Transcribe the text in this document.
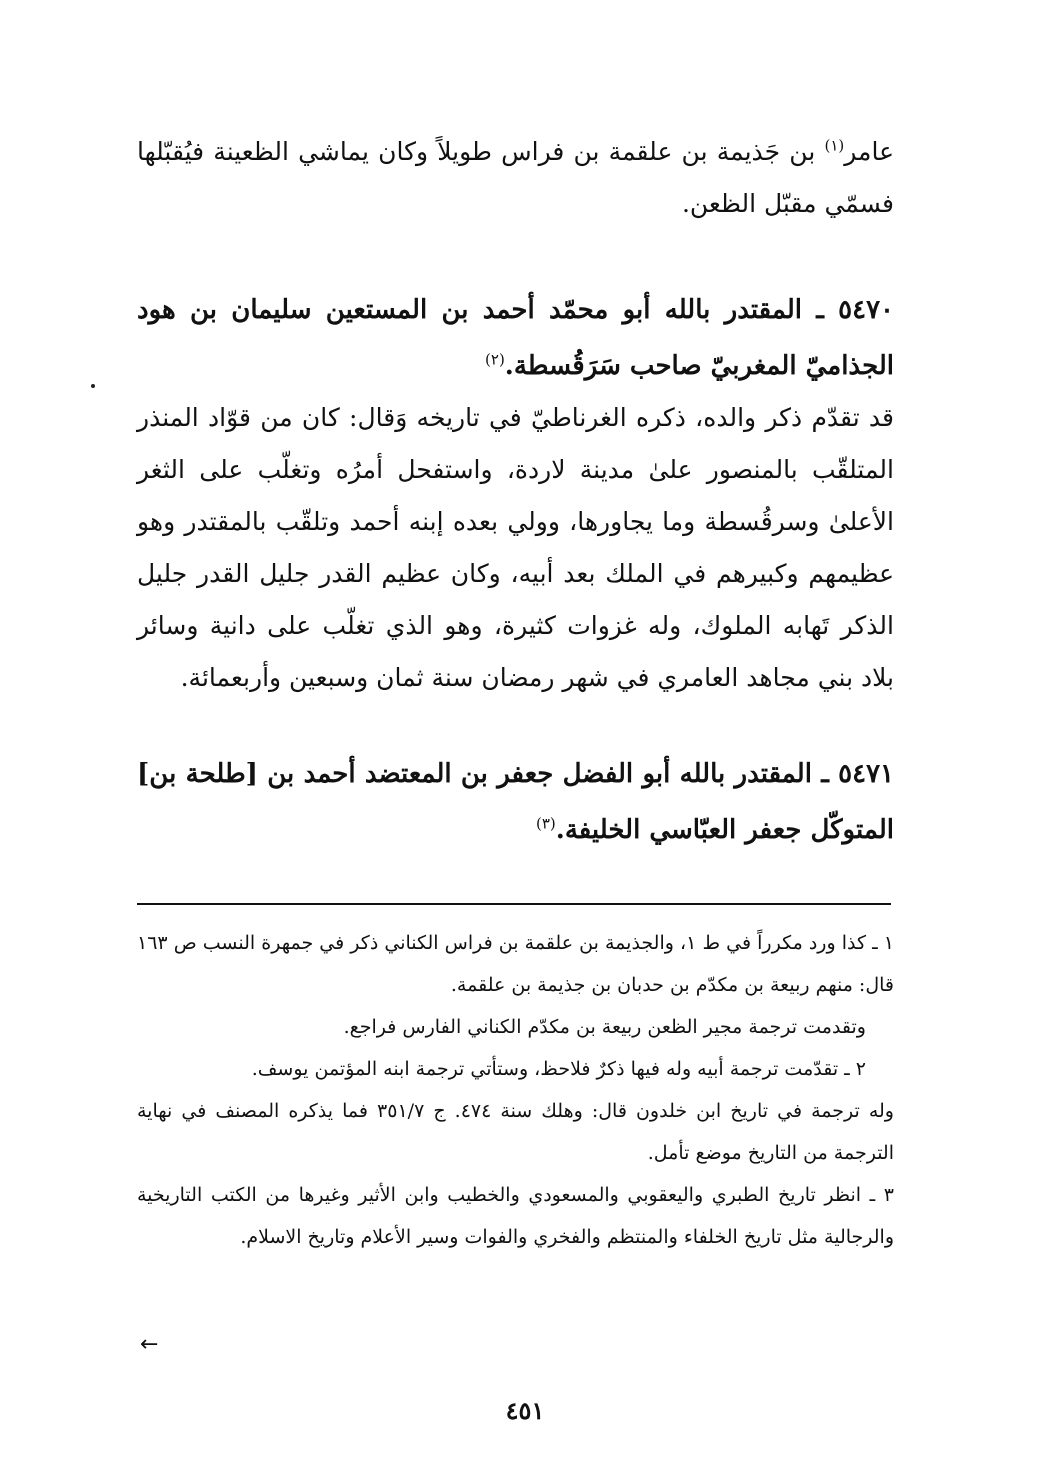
عامر$^{(١)}$ بن جَذيمة بن علقمة بن فراس طويلاً وكان يماشي الظعينة فيُقبّلها فسمّي مقبّل الظعن.
٥٤٧٠ ـ المقتدر بالله أبو محمّد أحمد بن المستعين سليمان بن هود الجذاميّ المغربيّ صاحب سَرَقُسطة.$^{(٢)}$
قد تقدّم ذكر والده، ذكره الغرناطيّ في تاريخه وَقال: كان من قوّاد المنذر المتلقّب بالمنصور علىٰ مدينة لاردة، واستفحل أمرُه وتغلّب على الثغر الأعلىٰ وسرقُسطة وما يجاورها، وولي بعده إبنه أحمد وتلقّب بالمقتدر وهو عظيمهم وكبيرهم في الملك بعد أبيه، وكان عظيم القدر جليل القدر جليل الذكر تَهابه الملوك، وله غزوات كثيرة، وهو الذي تغلّب على دانية وسائر بلاد بني مجاهد العامري في شهر رمضان سنة ثمان وسبعين وأربعمائة.
٥٤٧١ ـ المقتدر بالله أبو الفضل جعفر بن المعتضد أحمد بن [طلحة بن] المتوكّل جعفر العبّاسي الخليفة.$^{(٣)}$

١ ـ كذا ورد مكرراً في ط ١، والجذيمة بن علقمة بن فراس الكناني ذكر في جمهرة النسب ص ١٦٣ قال: منهم ربيعة بن مكدّم بن حدبان بن جذيمة بن علقمة.

وتقدمت ترجمة مجير الظعن ربيعة بن مكدّم الكناني الفارس فراجع.

٢ ـ تقدّمت ترجمة أبيه وله فيها ذكرٌ فلاحظ، وستأتي ترجمة ابنه المؤتمن يوسف.

وله ترجمة في تاريخ ابن خلدون قال: وهلك سنة ٤٧٤. ج ٣٥١/٧ فما يذكره المصنف في نهاية الترجمة من التاريخ موضع تأمل.

٣ ـ انظر تاريخ الطبري واليعقوبي والمسعودي والخطيب وابن الأثير وغيرها من الكتب التاريخية والرجالية مثل تاريخ الخلفاء والمنتظم والفخري والفوات وسير الأعلام وتاريخ الاسلام.

←
٤٥١
